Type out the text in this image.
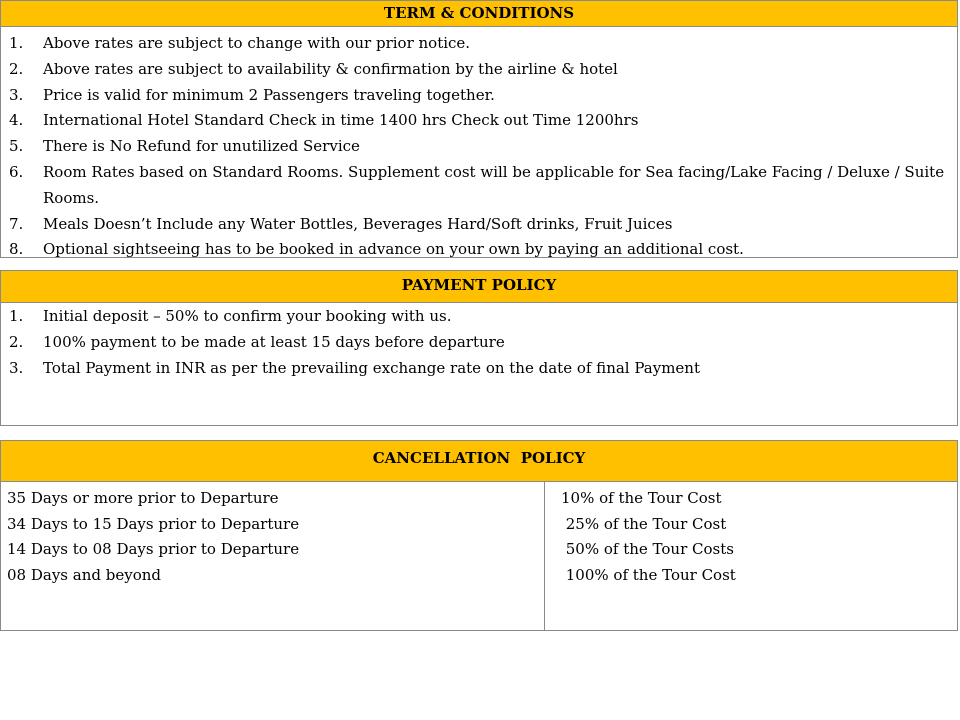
TERM & CONDITIONS
1. Above rates are subject to change with our prior notice.
2. Above rates are subject to availability & confirmation by the airline & hotel
3. Price is valid for minimum 2 Passengers traveling together.
4. International Hotel Standard Check in time 1400 hrs Check out Time 1200hrs
5. There is No Refund for unutilized Service
6. Room Rates based on Standard Rooms. Supplement cost will be applicable for Sea facing/Lake Facing / Deluxe / Suite Rooms.
7. Meals Doesn’t Include any Water Bottles, Beverages Hard/Soft drinks, Fruit Juices
8. Optional sightseeing has to be booked in advance on your own by paying an additional cost.
PAYMENT POLICY
1. Initial deposit – 50% to confirm your booking with us.
2. 100% payment to be made at least 15 days before departure
3. Total Payment in INR as per the prevailing exchange rate on the date of final Payment
CANCELLATION  POLICY
35 Days or more prior to Departure
34 Days to 15 Days prior to Departure
14 Days to 08 Days prior to Departure
08 Days and beyond
10% of the Tour Cost
25% of the Tour Cost
50% of the Tour Costs
100% of the Tour Cost
